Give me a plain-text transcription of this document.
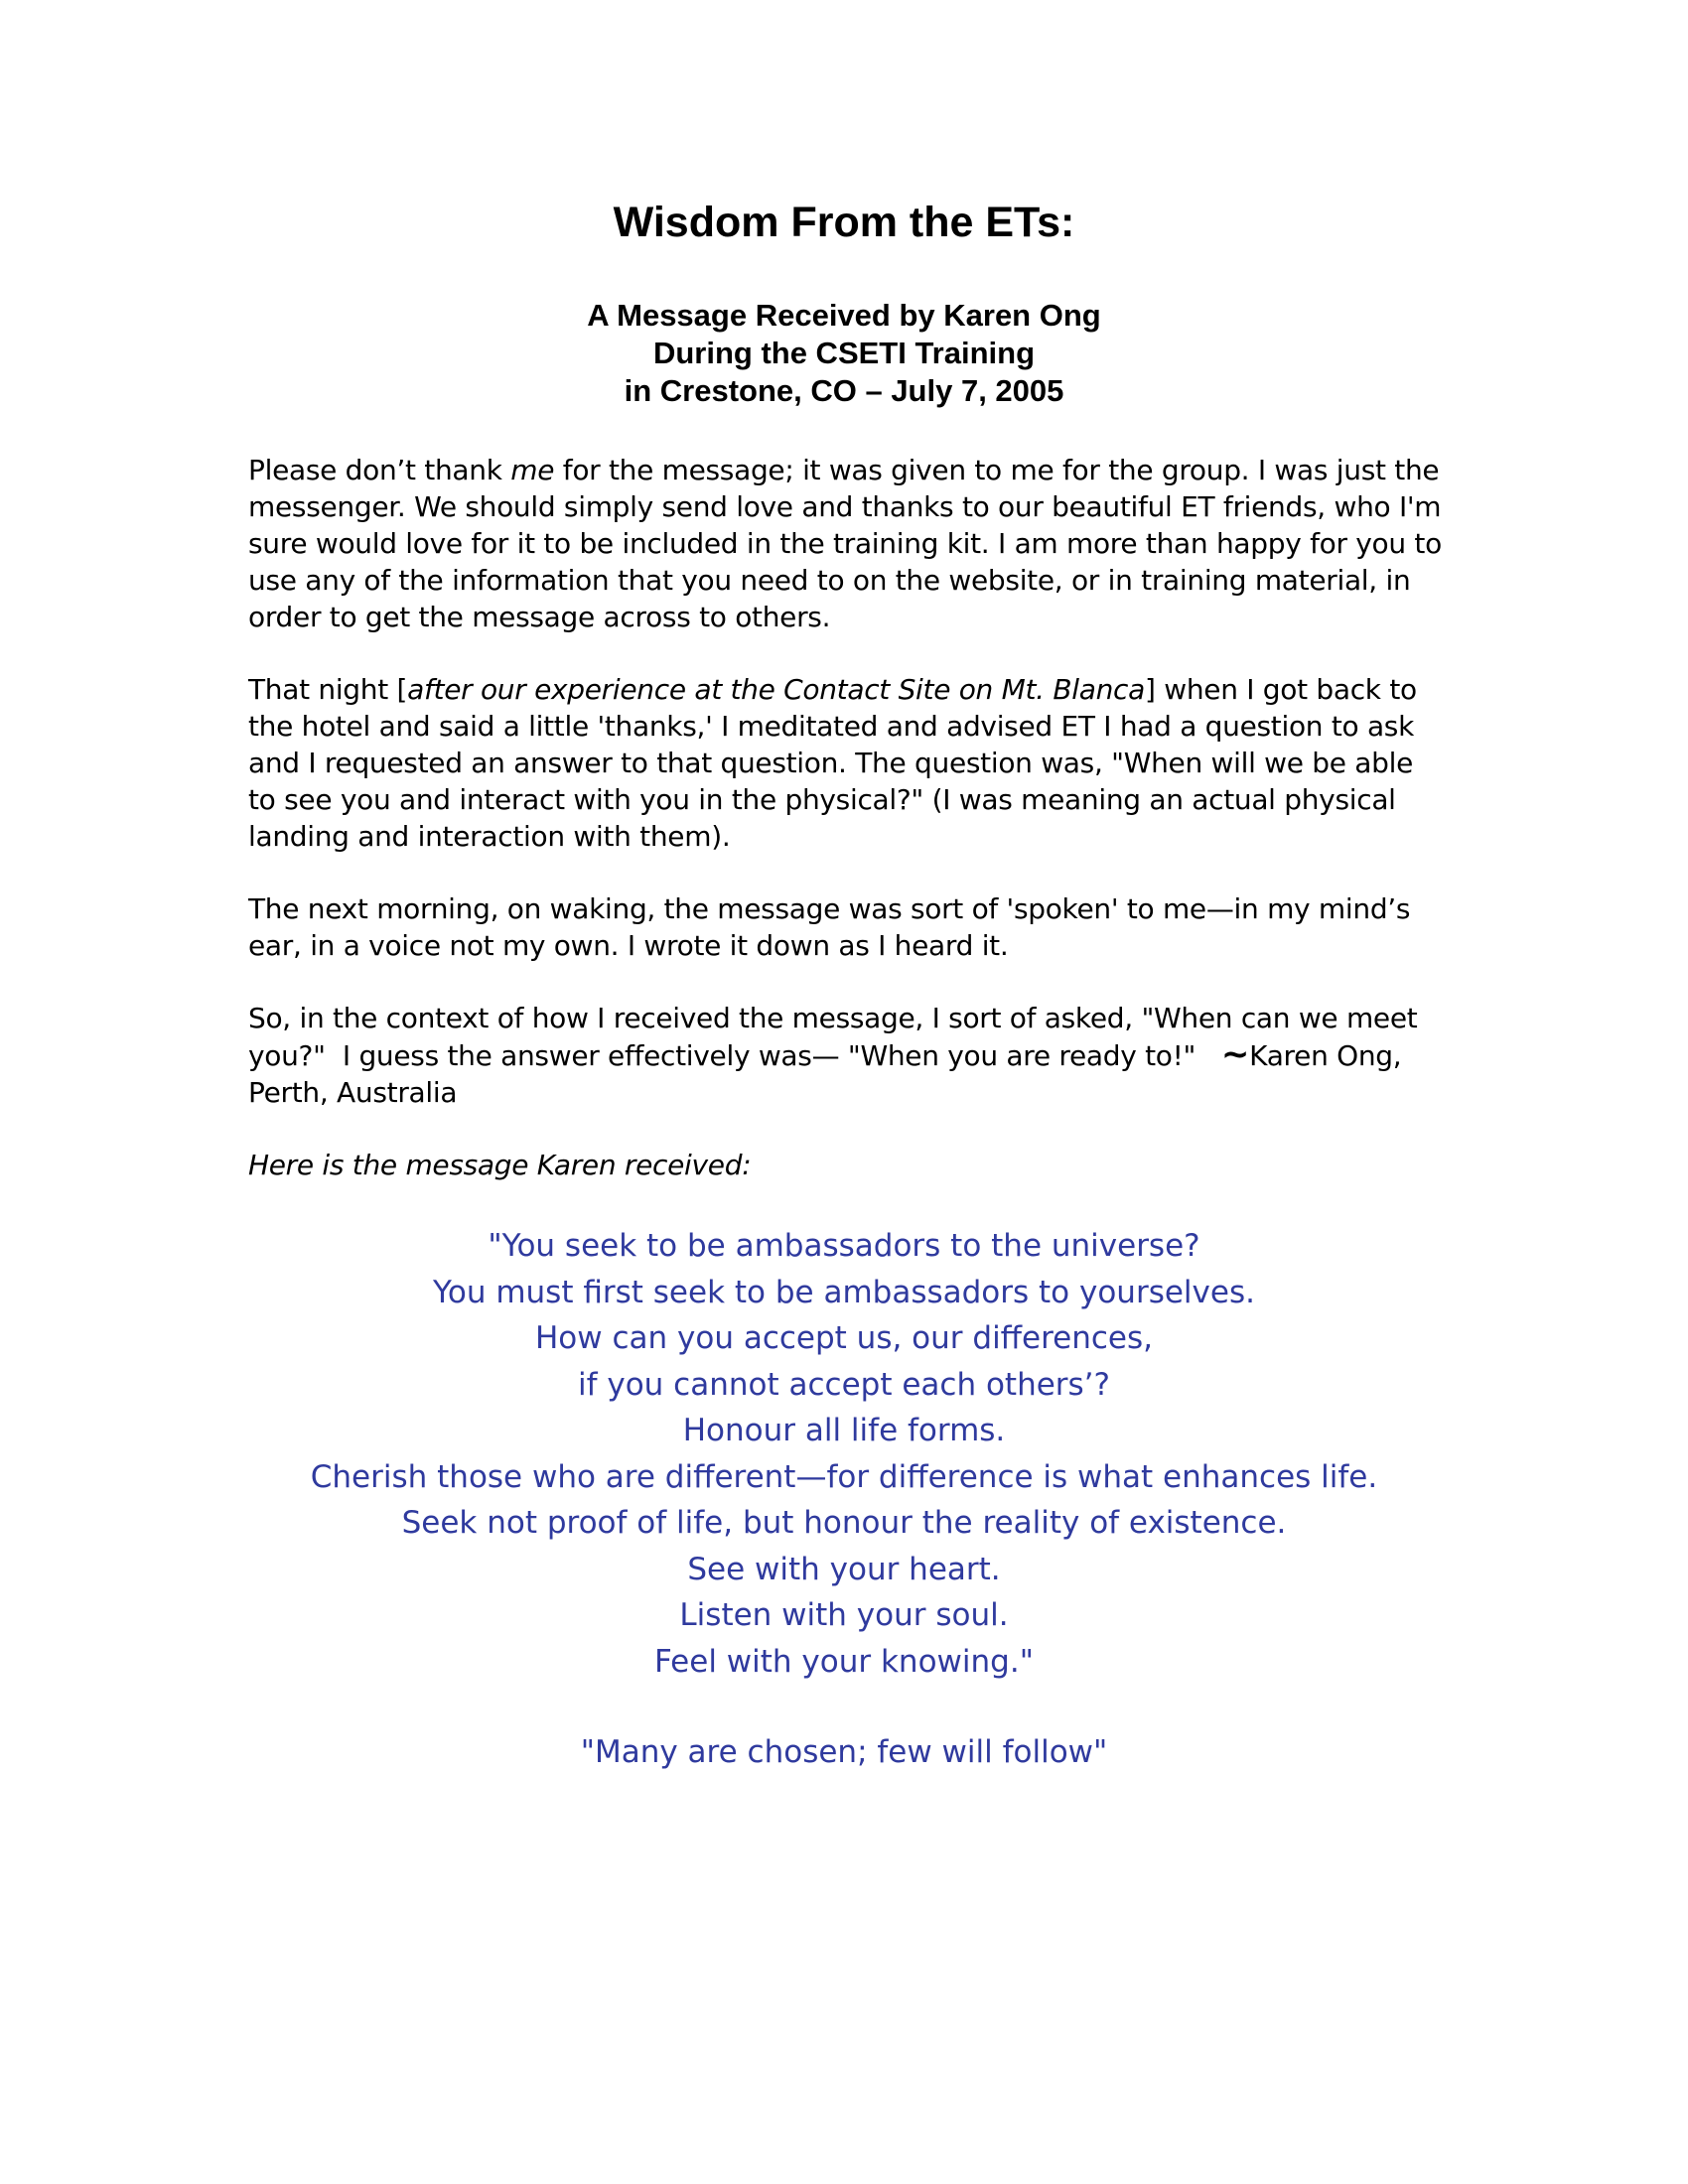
Wisdom From the ETs:
A Message Received by Karen Ong
During the CSETI Training
in Crestone, CO – July 7, 2005
Please don’t thank me for the message; it was given to me for the group. I was just the
messenger. We should simply send love and thanks to our beautiful ET friends, who I'm
sure would love for it to be included in the training kit. I am more than happy for you to
use any of the information that you need to on the website, or in training material, in
order to get the message across to others.
That night [after our experience at the Contact Site on Mt. Blanca] when I got back to
the hotel and said a little 'thanks,' I meditated and advised ET I had a question to ask
and I requested an answer to that question. The question was, "When will we be able
to see you and interact with you in the physical?" (I was meaning an actual physical
landing and interaction with them).
The next morning, on waking, the message was sort of 'spoken' to me—in my mind’s
ear, in a voice not my own. I wrote it down as I heard it.
So, in the context of how I received the message, I sort of asked, "When can we meet
you?"  I guess the answer effectively was— "When you are ready to!"   ~Karen Ong,
Perth, Australia
Here is the message Karen received:
"You seek to be ambassadors to the universe?
You must first seek to be ambassadors to yourselves.
How can you accept us, our differences,
if you cannot accept each others’?
Honour all life forms.
Cherish those who are different—for difference is what enhances life.
Seek not proof of life, but honour the reality of existence.
See with your heart.
Listen with your soul.
Feel with your knowing."
"Many are chosen; few will follow"
